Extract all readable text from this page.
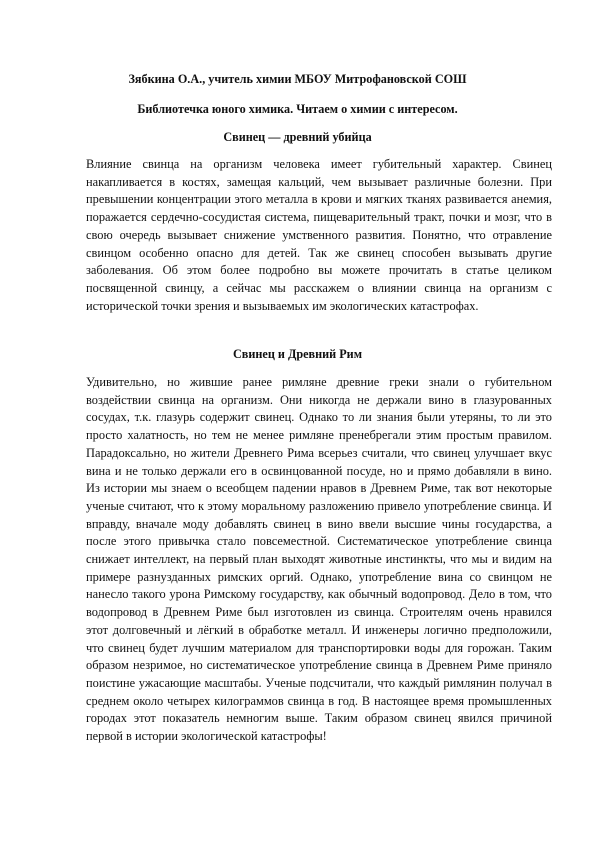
Зябкина О.А., учитель химии МБОУ Митрофановской СОШ
Библиотечка юного химика. Читаем о химии с интересом.
Свинец — древний убийца

Влияние свинца на организм человека имеет губительный характер. Свинец накапливается в костях, замещая кальций, чем вызывает различные болезни. При превышении концентрации этого металла в крови и мягких тканях развивается анемия, поражается сердечно-сосудистая система, пищеварительный тракт, почки и мозг, что в свою очередь вызывает снижение умственного развития. Понятно, что отравление свинцом особенно опасно для детей. Так же свинец способен вызывать другие заболевания. Об этом более подробно вы можете прочитать в статье целиком посвященной свинцу, а сейчас мы расскажем о влиянии свинца на организм с исторической точки зрения и вызываемых им экологических катастрофах.

Свинец и Древний Рим

Удивительно, но жившие ранее римляне древние греки знали о губительном воздействии свинца на организм. Они никогда не держали вино в глазурованных сосудах, т.к. глазурь содержит свинец. Однако то ли знания были утеряны, то ли это просто халатность, но тем не менее римляне пренебрегали этим простым правилом. Парадоксально, но жители Древнего Рима всерьез считали, что свинец улучшает вкус вина и не только держали его в освинцованной посуде, но и прямо добавляли в вино. Из истории мы знаем о всеобщем падении нравов в Древнем Риме, так вот некоторые ученые считают, что к этому моральному разложению привело употребление свинца. И вправду, вначале моду добавлять свинец в вино ввели высшие чины государства, а после этого привычка стало повсеместной. Систематическое употребление свинца снижает интеллект, на первый план выходят животные инстинкты, что мы и видим на примере разнузданных римских оргий. Однако, употребление вина со свинцом не нанесло такого урона Римскому государству, как обычный водопровод. Дело в том, что водопровод в Древнем Риме был изготовлен из свинца. Строителям очень нравился этот долговечный и лёгкий в обработке металл. И инженеры логично предположили, что свинец будет лучшим материалом для транспортировки воды для горожан. Таким образом незримое, но систематическое употребление свинца в Древнем Риме приняло поистине ужасающие масштабы. Ученые подсчитали, что каждый римлянин получал в среднем около четырех килограммов свинца в год. В настоящее время промышленных городах этот показатель немногим выше. Таким образом свинец явился причиной первой в истории экологической катастрофы!
